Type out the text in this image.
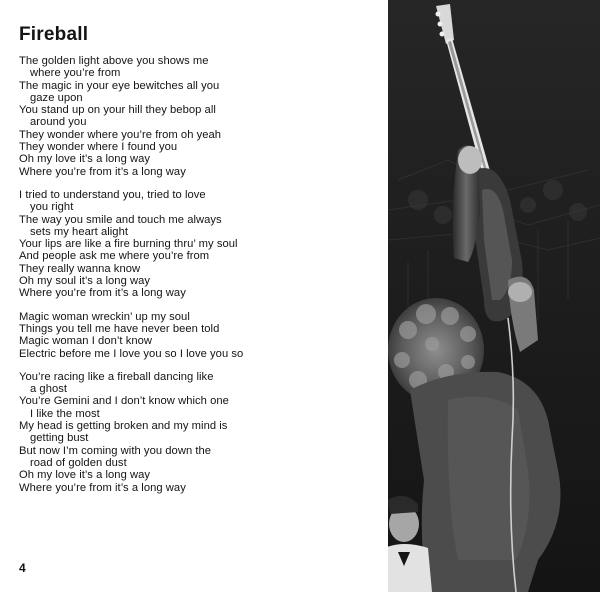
Fireball
The golden light above you shows me
where you’re from
The magic in your eye bewitches all you
gaze upon
You stand up on your hill they bebop all
around you
They wonder where you’re from oh yeah
They wonder where I found you
Oh my love it’s a long way
Where you’re from it’s a long way
I tried to understand you, tried to love
you right
The way you smile and touch me always
sets my heart alight
Your lips are like a fire burning thru’ my soul
And people ask me where you’re from
They really wanna know
Oh my soul it’s a long way
Where you’re from it’s a long way
Magic woman wreckin’ up my soul
Things you tell me have never been told
Magic woman I don’t know
Electric before me I love you so I love you so
You’re racing like a fireball dancing like
a ghost
You’re Gemini and I don’t know which one
I like the most
My head is getting broken and my mind is
getting bust
But now I’m coming with you down the
road of golden dust
Oh my love it’s a long way
Where you’re from it’s a long way
4
